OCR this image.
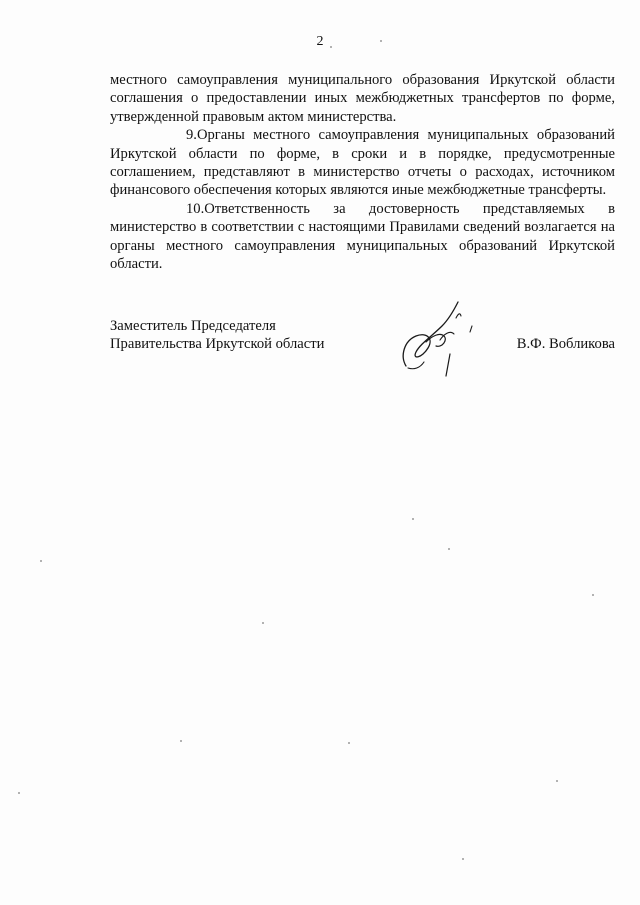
2

местного самоуправления муниципального образования Иркутской области соглашения о предоставлении иных межбюджетных трансфертов по форме, утвержденной правовым актом министерства.

9.Органы местного самоуправления муниципальных образований Иркутской области по форме, в сроки и в порядке, предусмотренные соглашением, представляют в министерство отчеты о расходах, источником финансового обеспечения которых являются иные межбюджетные трансферты.

10.Ответственность за достоверность представляемых в министерство в соответствии с настоящими Правилами сведений возлагается на органы местного самоуправления муниципальных образований Иркутской области.

Заместитель Председателя
Правительства Иркутской области	В.Ф. Вобликова
